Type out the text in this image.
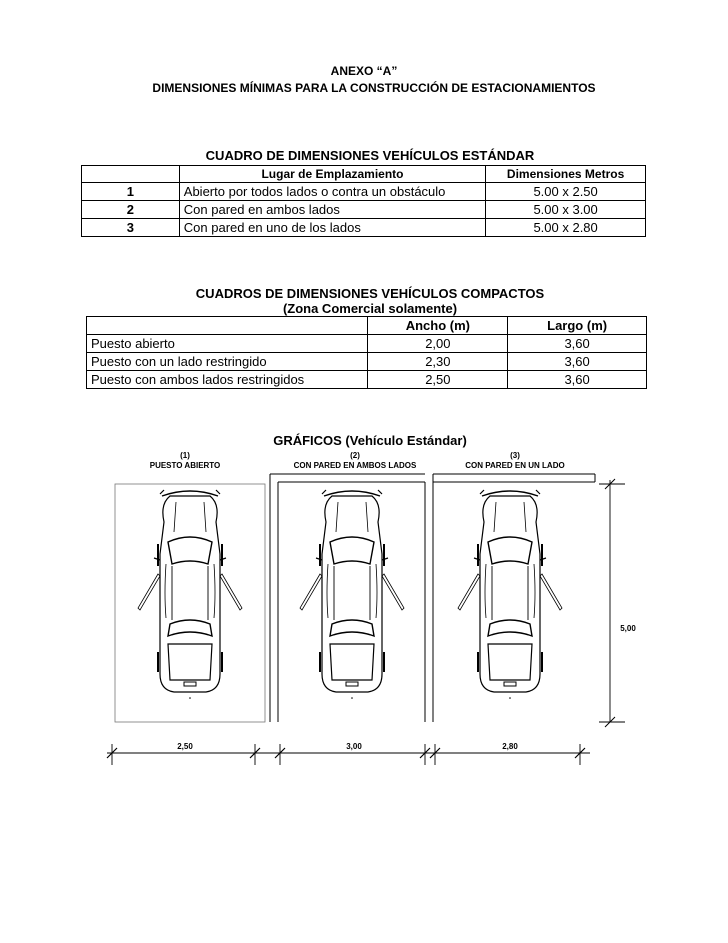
ANEXO “A”
DIMENSIONES MÍNIMAS PARA LA CONSTRUCCIÓN DE ESTACIONAMIENTOS
CUADRO DE DIMENSIONES VEHÍCULOS ESTÁNDAR
	Lugar de Emplazamiento	Dimensiones Metros
1	Abierto por todos lados o contra un obstáculo	5.00 x 2.50
2	Con pared en ambos lados	5.00 x 3.00
3	Con pared en uno de los lados	5.00 x 2.80
CUADROS DE DIMENSIONES VEHÍCULOS COMPACTOS
(Zona Comercial solamente)
	Ancho (m)	Largo (m)
Puesto abierto	2,00	3,60
Puesto con un lado restringido	2,30	3,60
Puesto con ambos lados restringidos	2,50	3,60
GRÁFICOS (Vehículo Estándar)
(1)
PUESTO ABIERTO
(2)
CON PARED EN AMBOS LADOS
(3)
CON PARED EN UN LADO
5,00
2,50	3,00	2,80
